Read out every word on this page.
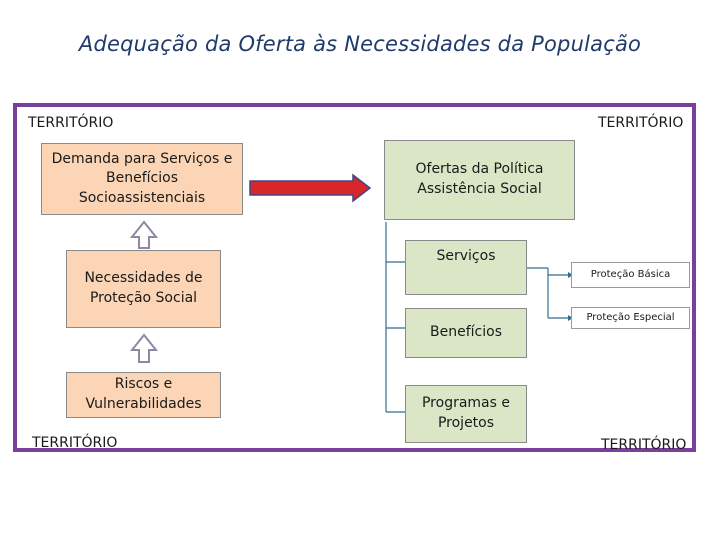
Adequação da Oferta às Necessidades da População
TERRITÓRIO	TERRITÓRIO
TERRITÓRIO	TERRITÓRIO
Demanda para Serviços e Benefícios Socioassistenciais
Necessidades de Proteção Social
Riscos e Vulnerabilidades
Ofertas da Política Assistência Social
Serviços
Benefícios
Programas e Projetos
Proteção Básica
Proteção Especial
